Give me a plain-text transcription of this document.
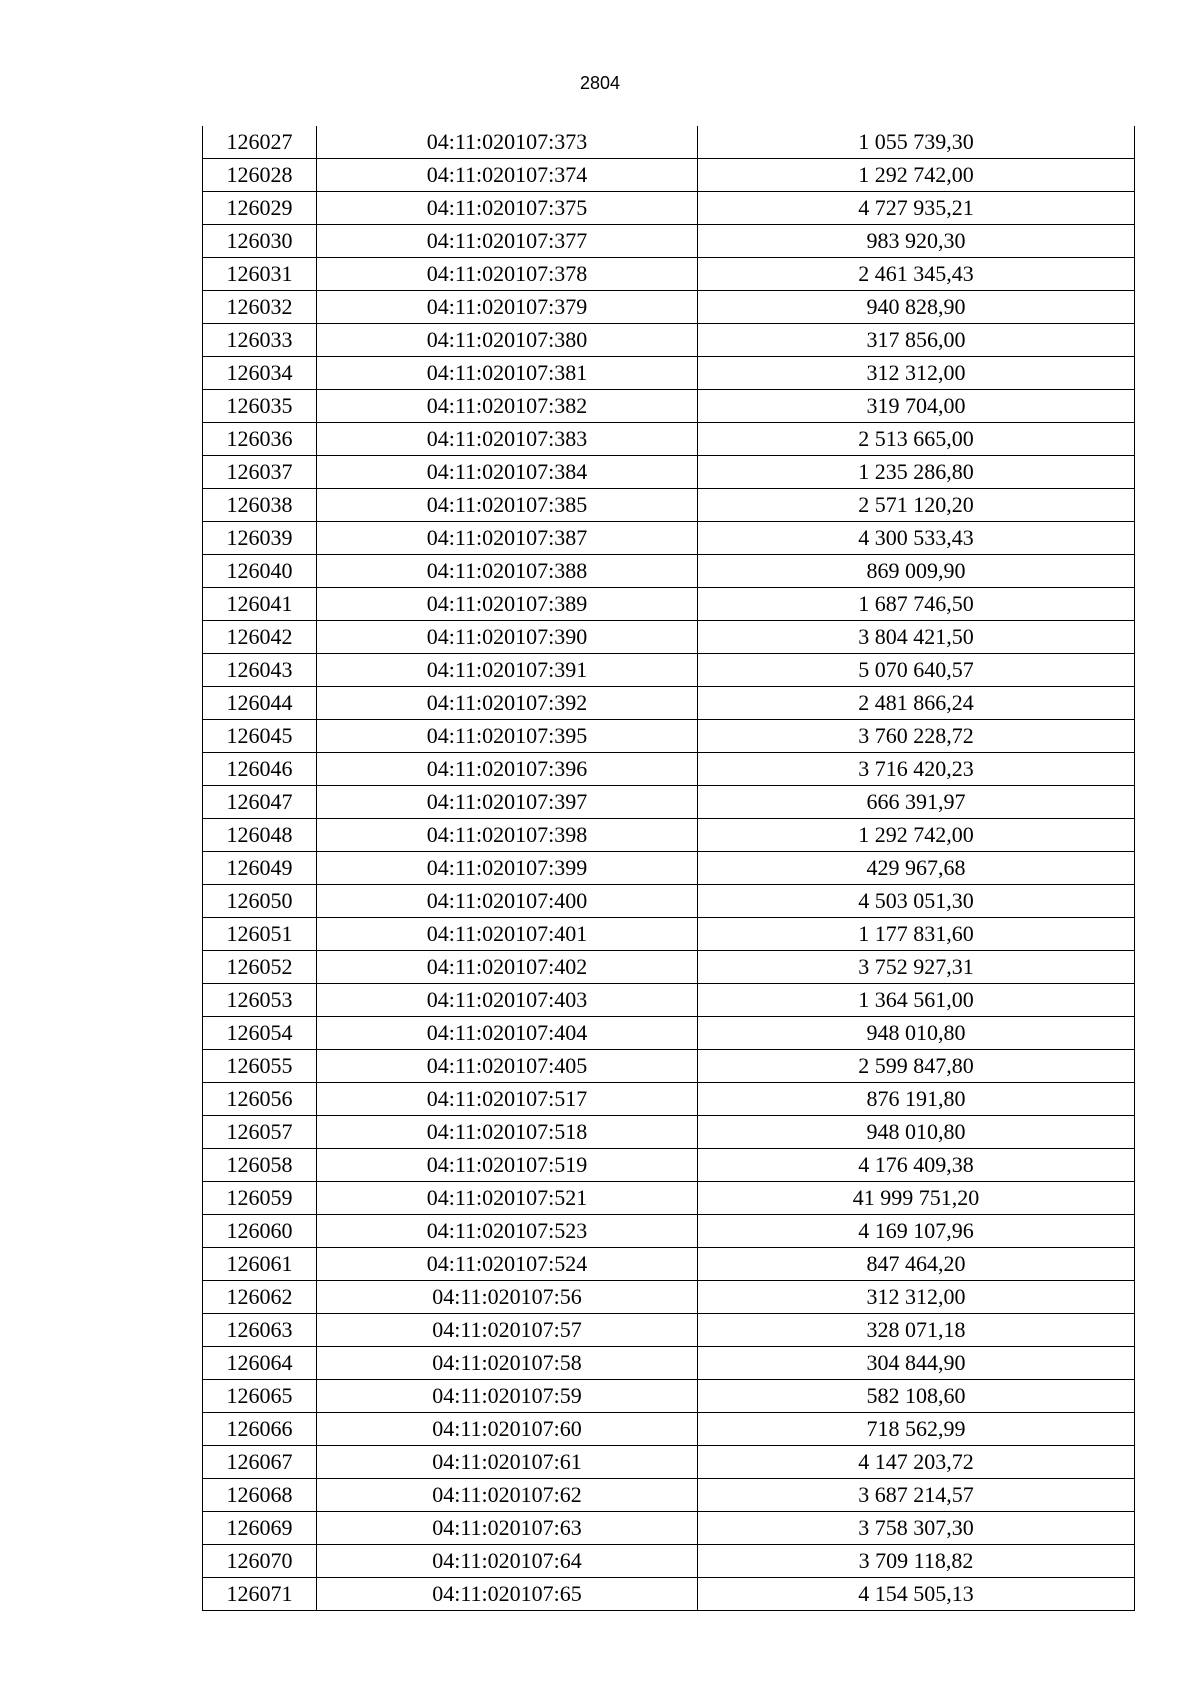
2804
126027	04:11:020107:373	1 055 739,30
126028	04:11:020107:374	1 292 742,00
126029	04:11:020107:375	4 727 935,21
126030	04:11:020107:377	983 920,30
126031	04:11:020107:378	2 461 345,43
126032	04:11:020107:379	940 828,90
126033	04:11:020107:380	317 856,00
126034	04:11:020107:381	312 312,00
126035	04:11:020107:382	319 704,00
126036	04:11:020107:383	2 513 665,00
126037	04:11:020107:384	1 235 286,80
126038	04:11:020107:385	2 571 120,20
126039	04:11:020107:387	4 300 533,43
126040	04:11:020107:388	869 009,90
126041	04:11:020107:389	1 687 746,50
126042	04:11:020107:390	3 804 421,50
126043	04:11:020107:391	5 070 640,57
126044	04:11:020107:392	2 481 866,24
126045	04:11:020107:395	3 760 228,72
126046	04:11:020107:396	3 716 420,23
126047	04:11:020107:397	666 391,97
126048	04:11:020107:398	1 292 742,00
126049	04:11:020107:399	429 967,68
126050	04:11:020107:400	4 503 051,30
126051	04:11:020107:401	1 177 831,60
126052	04:11:020107:402	3 752 927,31
126053	04:11:020107:403	1 364 561,00
126054	04:11:020107:404	948 010,80
126055	04:11:020107:405	2 599 847,80
126056	04:11:020107:517	876 191,80
126057	04:11:020107:518	948 010,80
126058	04:11:020107:519	4 176 409,38
126059	04:11:020107:521	41 999 751,20
126060	04:11:020107:523	4 169 107,96
126061	04:11:020107:524	847 464,20
126062	04:11:020107:56	312 312,00
126063	04:11:020107:57	328 071,18
126064	04:11:020107:58	304 844,90
126065	04:11:020107:59	582 108,60
126066	04:11:020107:60	718 562,99
126067	04:11:020107:61	4 147 203,72
126068	04:11:020107:62	3 687 214,57
126069	04:11:020107:63	3 758 307,30
126070	04:11:020107:64	3 709 118,82
126071	04:11:020107:65	4 154 505,13
